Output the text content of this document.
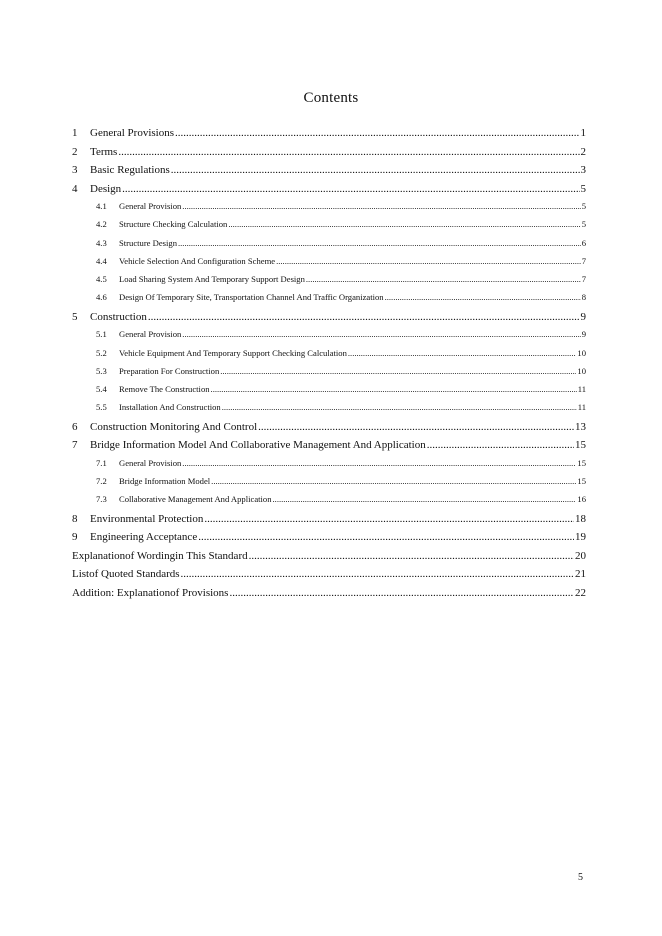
Contents
1	General Provisions .....	1
2	Terms .....	2
3	Basic Regulations .....	3
4	Design .....	5
4.1	General Provision .....	5
4.2	Structure Checking Calculation .....	5
4.3	Structure Design .....	6
4.4	Vehicle Selection And Configuration Scheme .....	7
4.5	Load Sharing System And Temporary Support Design .....	7
4.6	Design Of Temporary Site, Transportation Channel And Traffic Organization .....	8
5	Construction .....	9
5.1	General Provision .....	9
5.2	Vehicle Equipment And Temporary Support Checking Calculation .....	10
5.3	Preparation For Construction .....	10
5.4	Remove The Construction .....	11
5.5	Installation And Construction .....	11
6	Construction Monitoring And Control .....	13
7	Bridge Information Model And Collaborative Management And Application .....	15
7.1	General Provision .....	15
7.2	Bridge Information Model .....	15
7.3	Collaborative Management And Application .....	16
8	Environmental Protection .....	18
9	Engineering Acceptance .....	19
Explanationof Wordingin This Standard .....	20
Listof Quoted Standards .....	21
Addition: Explanationof Provisions .....	22
5
